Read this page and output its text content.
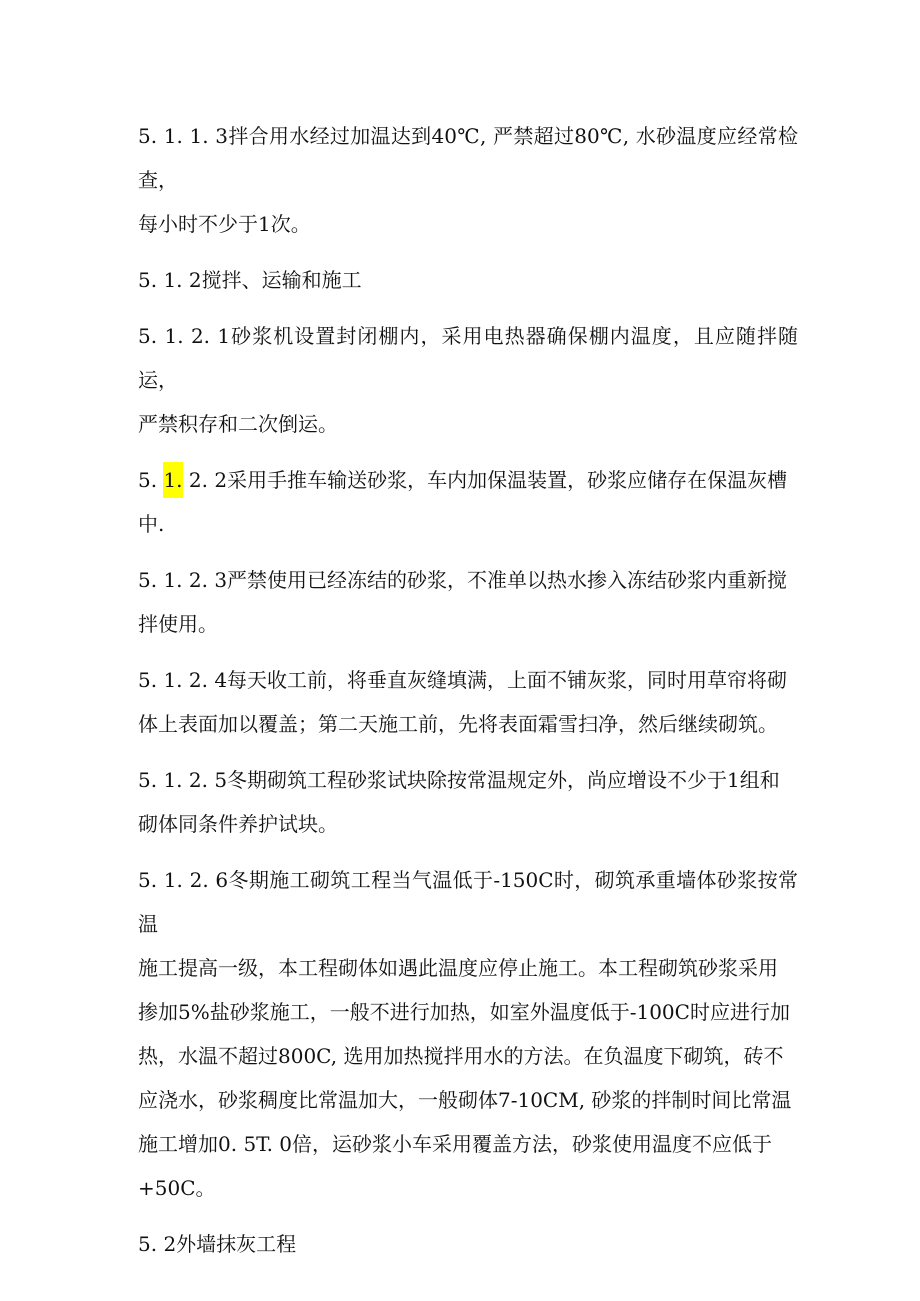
5. 1. 1. 3拌合用水经过加温达到40℃, 严禁超过80℃, 水砂温度应经常检查，
每小时不少于1次。

5. 1. 2搅拌、运输和施工

5. 1. 2. 1砂浆机设置封闭棚内，采用电热器确保棚内温度，且应随拌随运，
严禁积存和二次倒运。

5. 1. 2. 2采用手推车输送砂浆，车内加保温装置，砂浆应储存在保温灰槽
中.

5. 1. 2. 3严禁使用已经冻结的砂浆，不准单以热水掺入冻结砂浆内重新搅
拌使用。

5. 1. 2. 4每天收工前，将垂直灰缝填满，上面不铺灰浆，同时用草帘将砌
体上表面加以覆盖；第二天施工前，先将表面霜雪扫净，然后继续砌筑。

5. 1. 2. 5冬期砌筑工程砂浆试块除按常温规定外，尚应增设不少于1组和
砌体同条件养护试块。

5. 1. 2. 6冬期施工砌筑工程当气温低于-150C时，砌筑承重墙体砂浆按常温
施工提高一级，本工程砌体如遇此温度应停止施工。本工程砌筑砂浆采用
掺加5%盐砂浆施工，一般不进行加热，如室外温度低于-100C时应进行加
热，水温不超过800C, 选用加热搅拌用水的方法。在负温度下砌筑，砖不
应浇水，砂浆稠度比常温加大，一般砌体7-10CM, 砂浆的拌制时间比常温
施工增加0. 5T. 0倍，运砂浆小车采用覆盖方法，砂浆使用温度不应低于
+50C。

5. 2外墙抹灰工程
